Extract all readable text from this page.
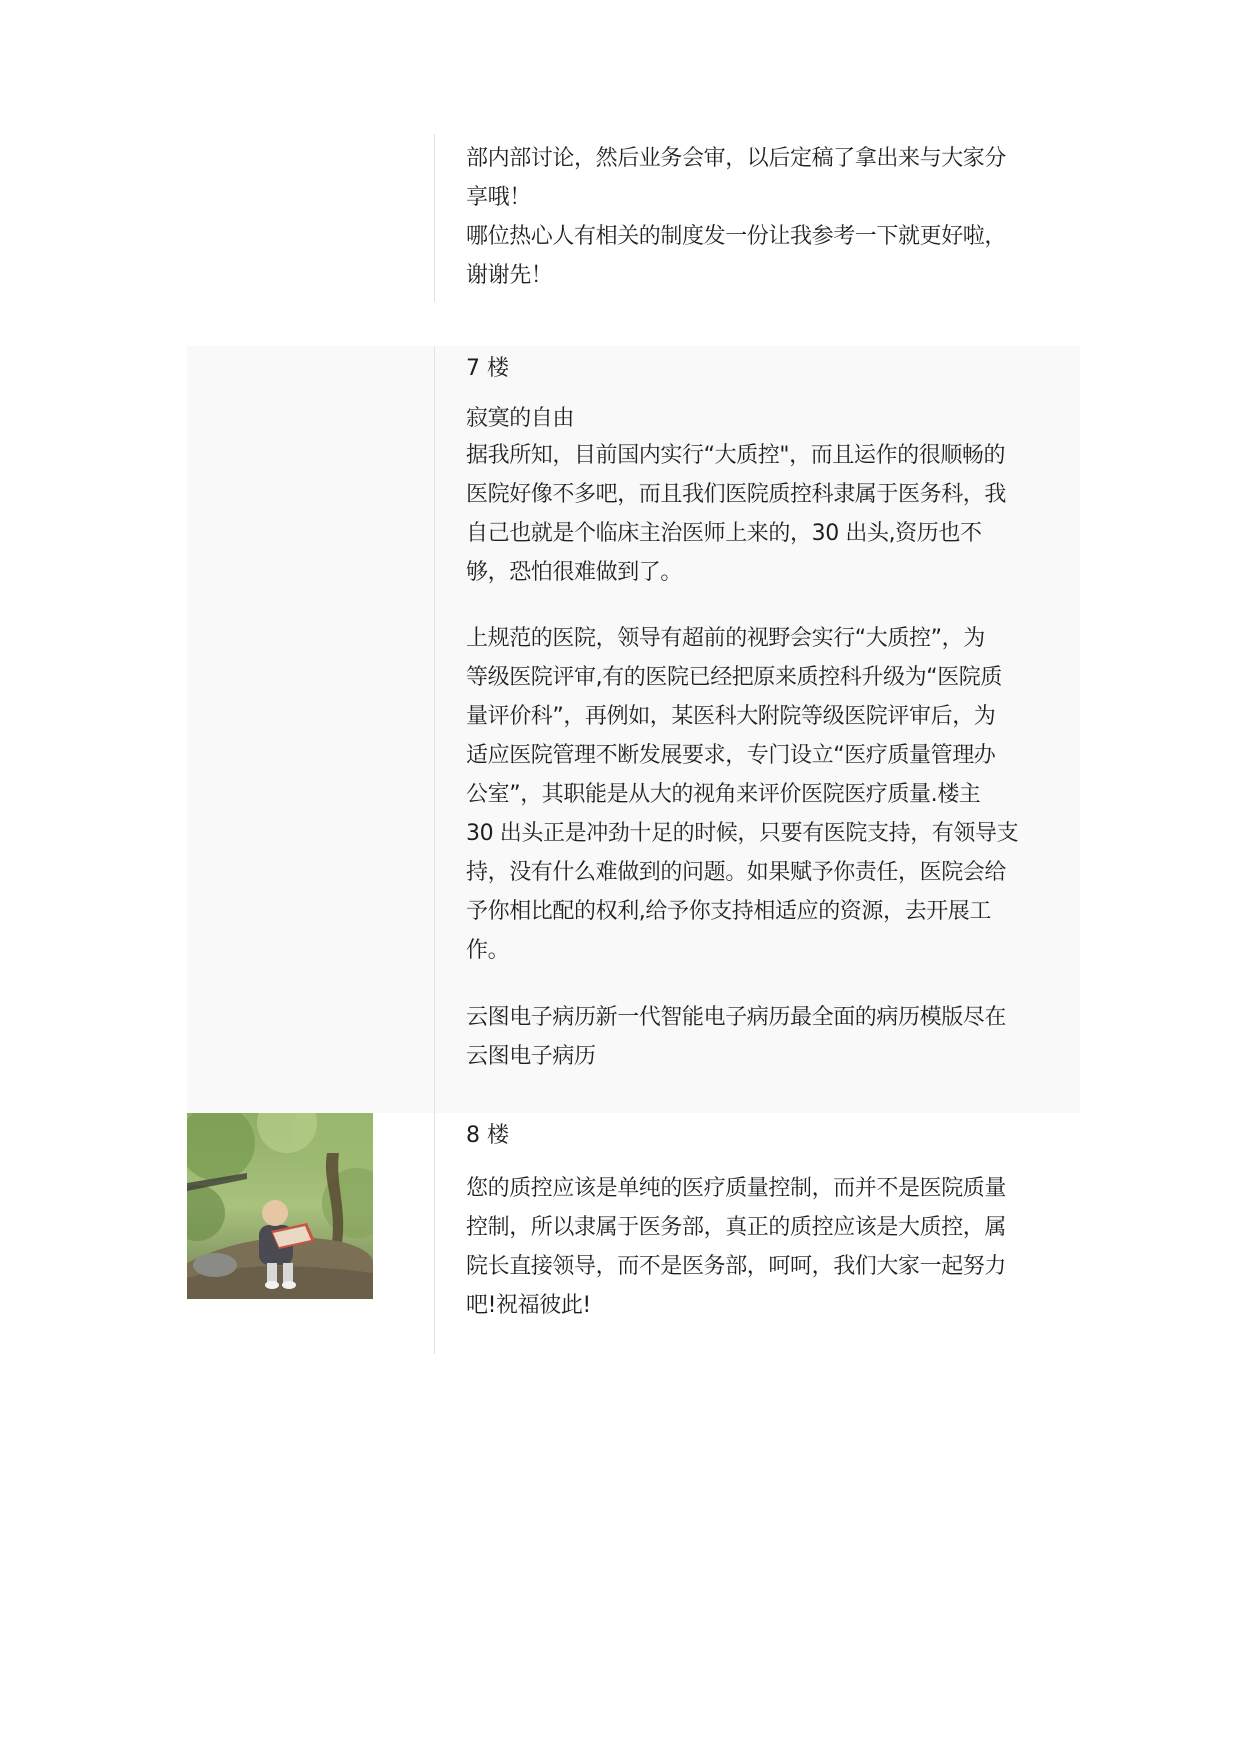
部内部讨论，然后业务会审，以后定稿了拿出来与大家分
享哦！
哪位热心人有相关的制度发一份让我参考一下就更好啦，
谢谢先！
7 楼
寂寞的自由
据我所知，目前国内实行“大质控"，而且运作的很顺畅的
医院好像不多吧，而且我们医院质控科隶属于医务科，我
自己也就是个临床主治医师上来的，30 出头,资历也不
够，恐怕很难做到了。
上规范的医院，领导有超前的视野会实行“大质控”，为
等级医院评审,有的医院已经把原来质控科升级为“医院质
量评价科”，再例如，某医科大附院等级医院评审后，为
适应医院管理不断发展要求，专门设立“医疗质量管理办
公室”，其职能是从大的视角来评价医院医疗质量.楼主
30 出头正是冲劲十足的时候，只要有医院支持，有领导支
持，没有什么难做到的问题。如果赋予你责任，医院会给
予你相比配的权利,给予你支持相适应的资源，去开展工
作。
云图电子病历新一代智能电子病历最全面的病历模版尽在
云图电子病历
8 楼
您的质控应该是单纯的医疗质量控制，而并不是医院质量
控制，所以隶属于医务部，真正的质控应该是大质控，属
院长直接领导，而不是医务部，呵呵，我们大家一起努力
吧!祝福彼此!
